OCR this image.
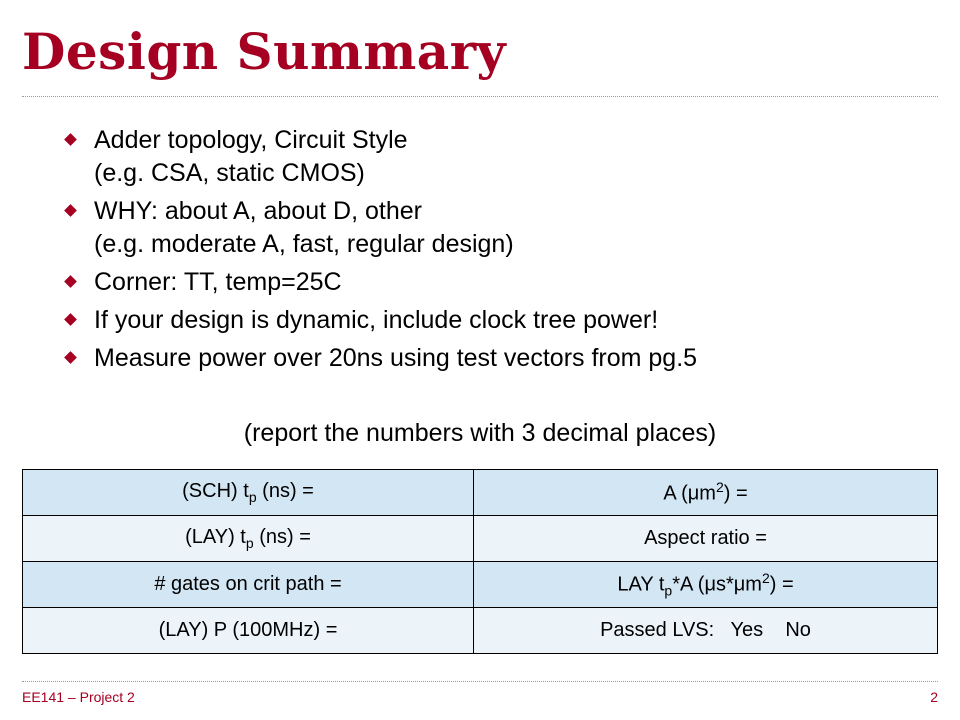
Design Summary
Adder topology, Circuit Style
(e.g. CSA, static CMOS)
WHY: about A, about D, other
(e.g. moderate A, fast, regular design)
Corner: TT, temp=25C
If your design is dynamic, include clock tree power!
Measure power over 20ns using test vectors from pg.5
(report the numbers with 3 decimal places)
(SCH) $t_p$ (ns) =	A $(\mu m^2)$ =
(LAY) $t_p$ (ns) =	Aspect ratio =
# gates on crit path =	LAY $t_p*A$ $(\mu s*\mu m^2)$ =
(LAY) P (100MHz) =	Passed LVS:   Yes    No
EE141 – Project 2	2
